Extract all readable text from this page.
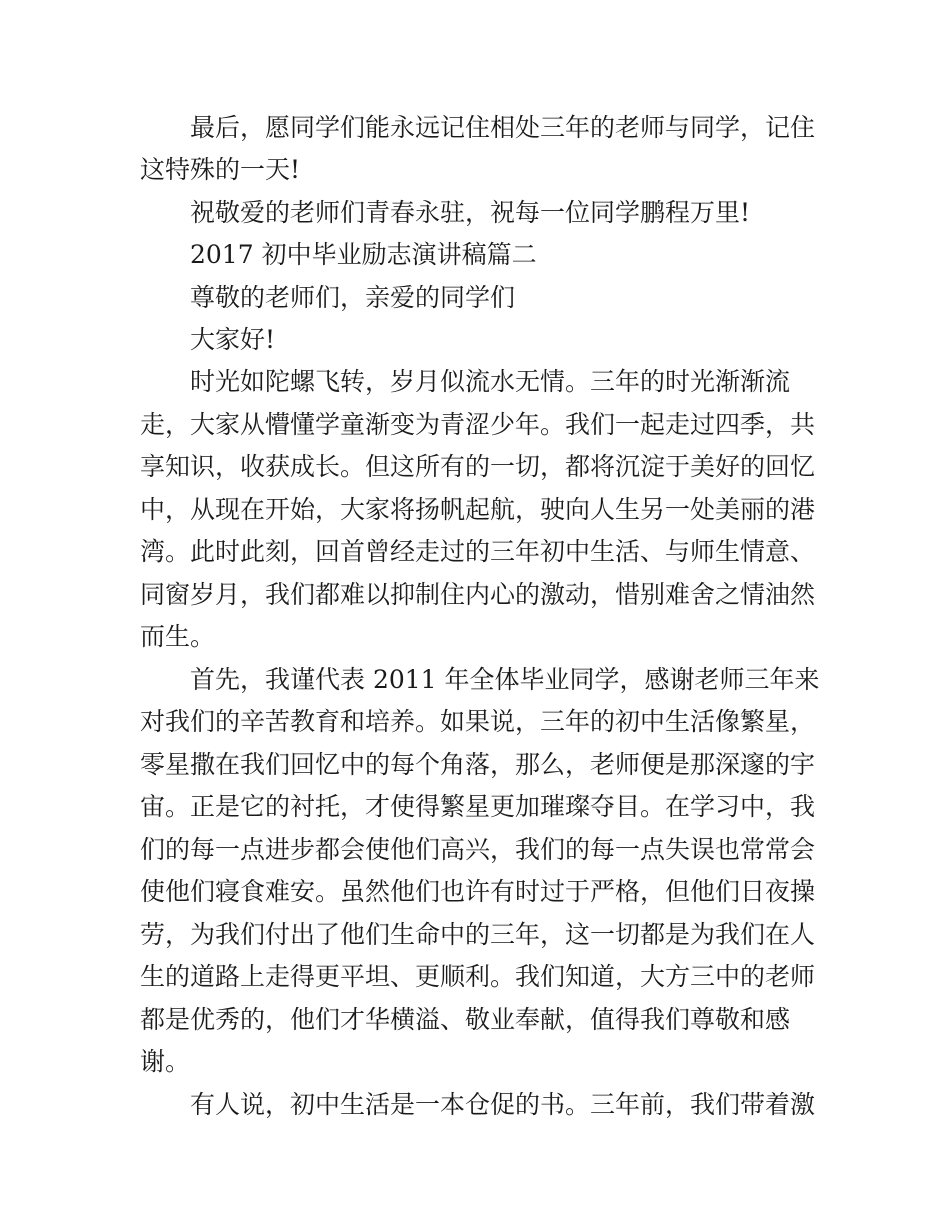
最后，愿同学们能永远记住相处三年的老师与同学，记住
这特殊的一天!
祝敬爱的老师们青春永驻，祝每一位同学鹏程万里!
2017 初中毕业励志演讲稿篇二
尊敬的老师们，亲爱的同学们
大家好!
时光如陀螺飞转，岁月似流水无情。三年的时光渐渐流
走，大家从懵懂学童渐变为青涩少年。我们一起走过四季，共
享知识，收获成长。但这所有的一切，都将沉淀于美好的回忆
中，从现在开始，大家将扬帆起航，驶向人生另一处美丽的港
湾。此时此刻，回首曾经走过的三年初中生活、与师生情意、
同窗岁月，我们都难以抑制住内心的激动，惜别难舍之情油然
而生。
首先，我谨代表 2011 年全体毕业同学，感谢老师三年来
对我们的辛苦教育和培养。如果说，三年的初中生活像繁星，
零星撒在我们回忆中的每个角落，那么，老师便是那深邃的宇
宙。正是它的衬托，才使得繁星更加璀璨夺目。在学习中，我
们的每一点进步都会使他们高兴，我们的每一点失误也常常会
使他们寝食难安。虽然他们也许有时过于严格，但他们日夜操
劳，为我们付出了他们生命中的三年，这一切都是为我们在人
生的道路上走得更平坦、更顺利。我们知道，大方三中的老师
都是优秀的，他们才华横溢、敬业奉献，值得我们尊敬和感
谢。
有人说，初中生活是一本仓促的书。三年前，我们带着激
